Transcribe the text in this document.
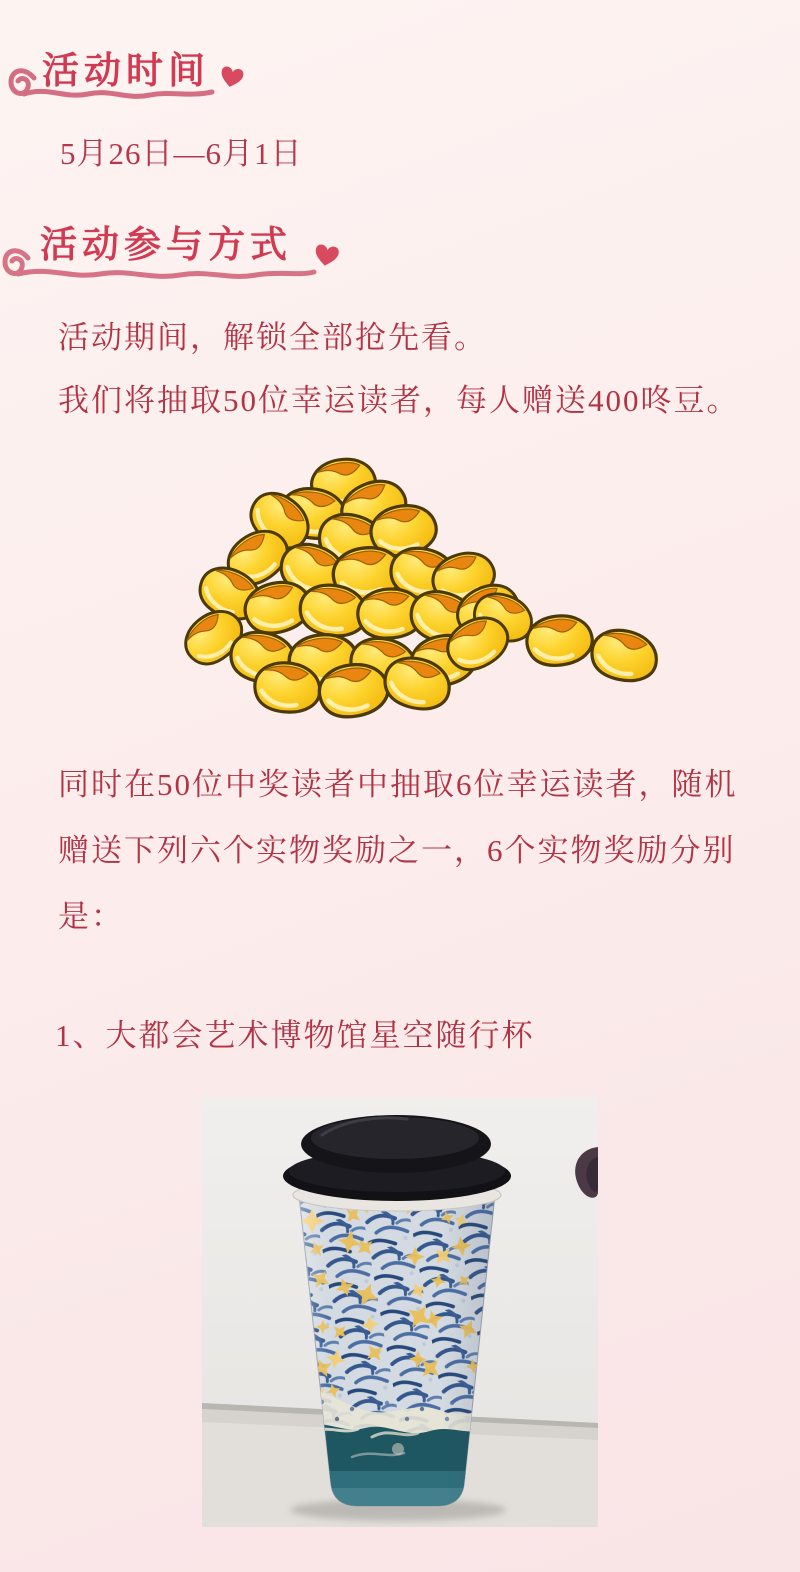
活动时间
5月26日—6月1日
活动参与方式
活动期间，解锁全部抢先看。
我们将抽取50位幸运读者，每人赠送400咚豆。
同时在50位中奖读者中抽取6位幸运读者，随机
赠送下列六个实物奖励之一，6个实物奖励分别
是：
1、大都会艺术博物馆星空随行杯
